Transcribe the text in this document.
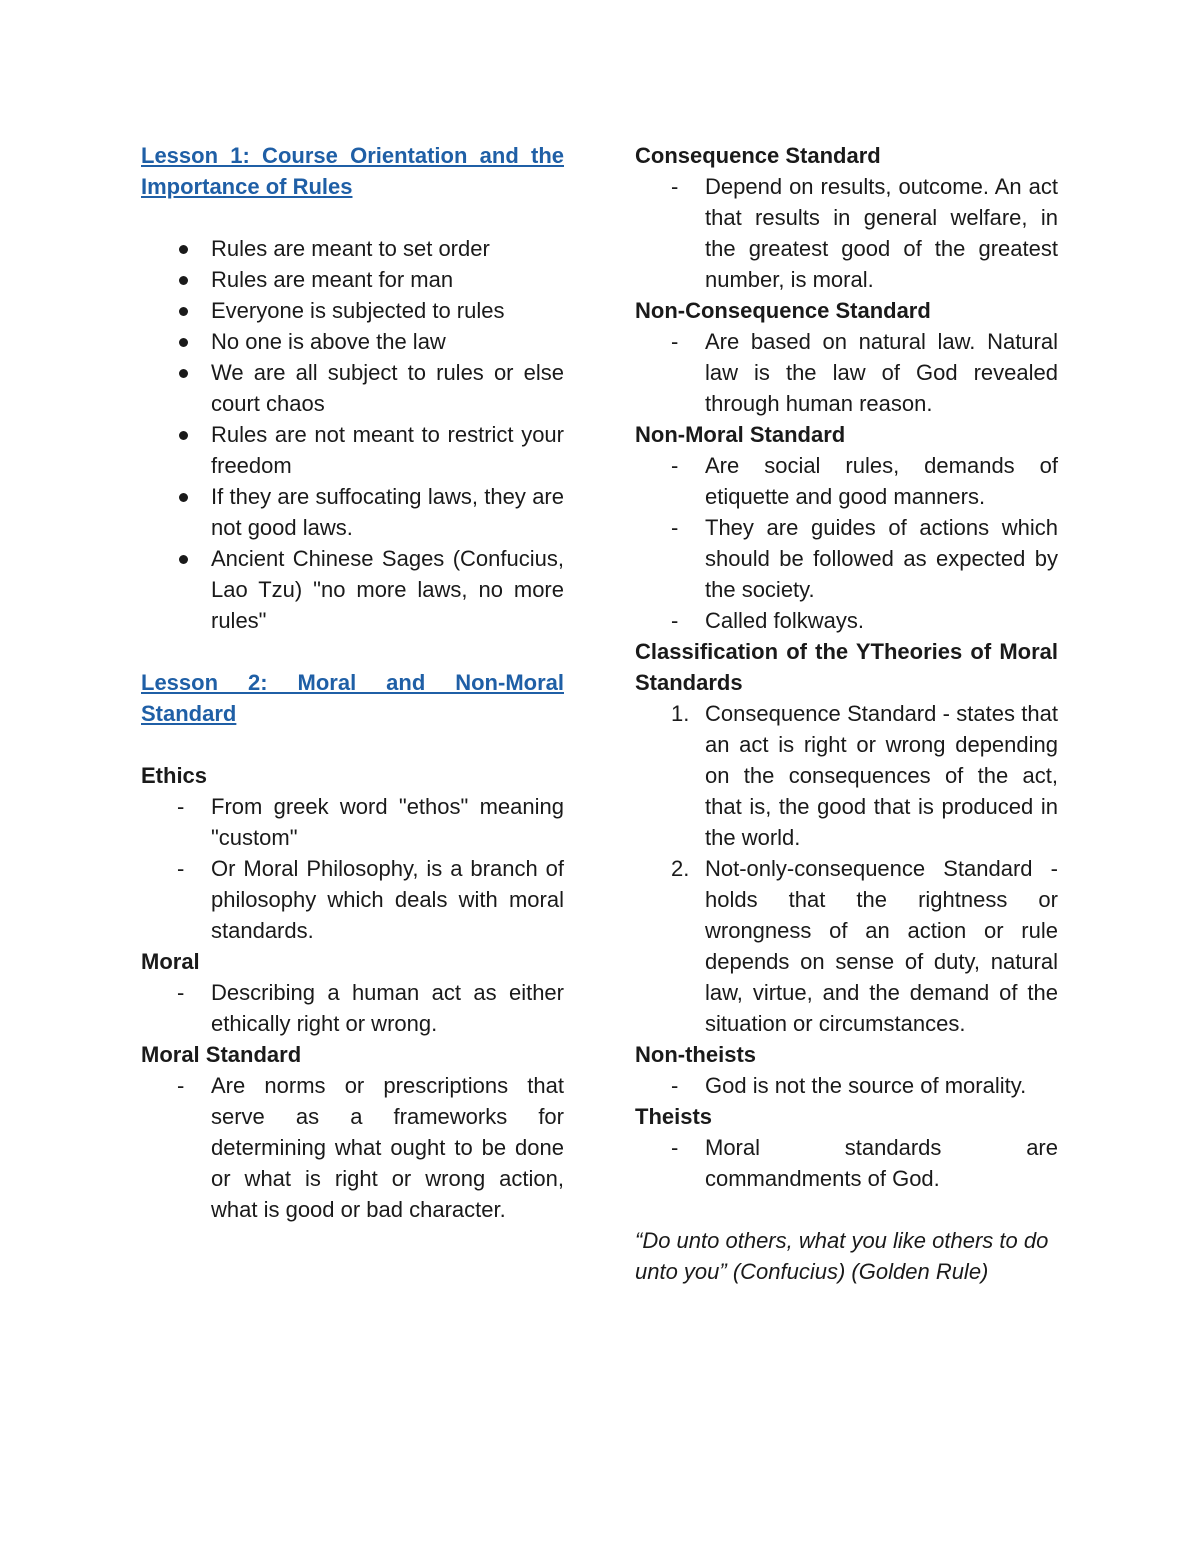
Lesson 1: Course Orientation and the Importance of Rules

Rules are meant to set order
Rules are meant for man
Everyone is subjected to rules
No one is above the law
We are all subject to rules or else court chaos
Rules are not meant to restrict your freedom
If they are suffocating laws, they are not good laws.
Ancient Chinese Sages (Confucius, Lao Tzu) "no more laws, no more rules"

Lesson 2: Moral and Non-Moral

Standard

Ethics

- From greek word "ethos" meaning "custom"
- Or Moral Philosophy, is a branch of philosophy which deals with moral standards.

Moral

- Describing a human act as either ethically right or wrong.

Moral Standard

- Are norms or prescriptions that serve as a frameworks for determining what ought to be done or what is right or wrong action, what is good or bad character.

Consequence Standard

- Depend on results, outcome. An act that results in general welfare, in the greatest good of the greatest number, is moral.

Non-Consequence Standard

- Are based on natural law. Natural law is the law of God revealed through human reason.

Non-Moral Standard

- Are social rules, demands of etiquette and good manners.
- They are guides of actions which should be followed as expected by the society.
- Called folkways.

Classification of the YTheories of Moral Standards

1. Consequence Standard - states that an act is right or wrong depending on the consequences of the act, that is, the good that is produced in the world.
2. Not-only-consequence Standard - holds that the rightness or wrongness of an action or rule depends on sense of duty, natural law, virtue, and the demand of the situation or circumstances.

Non-theists

- God is not the source of morality.

Theists

- Moral standards are commandments of God.

“Do unto others, what you like others to do unto you” (Confucius) (Golden Rule)
